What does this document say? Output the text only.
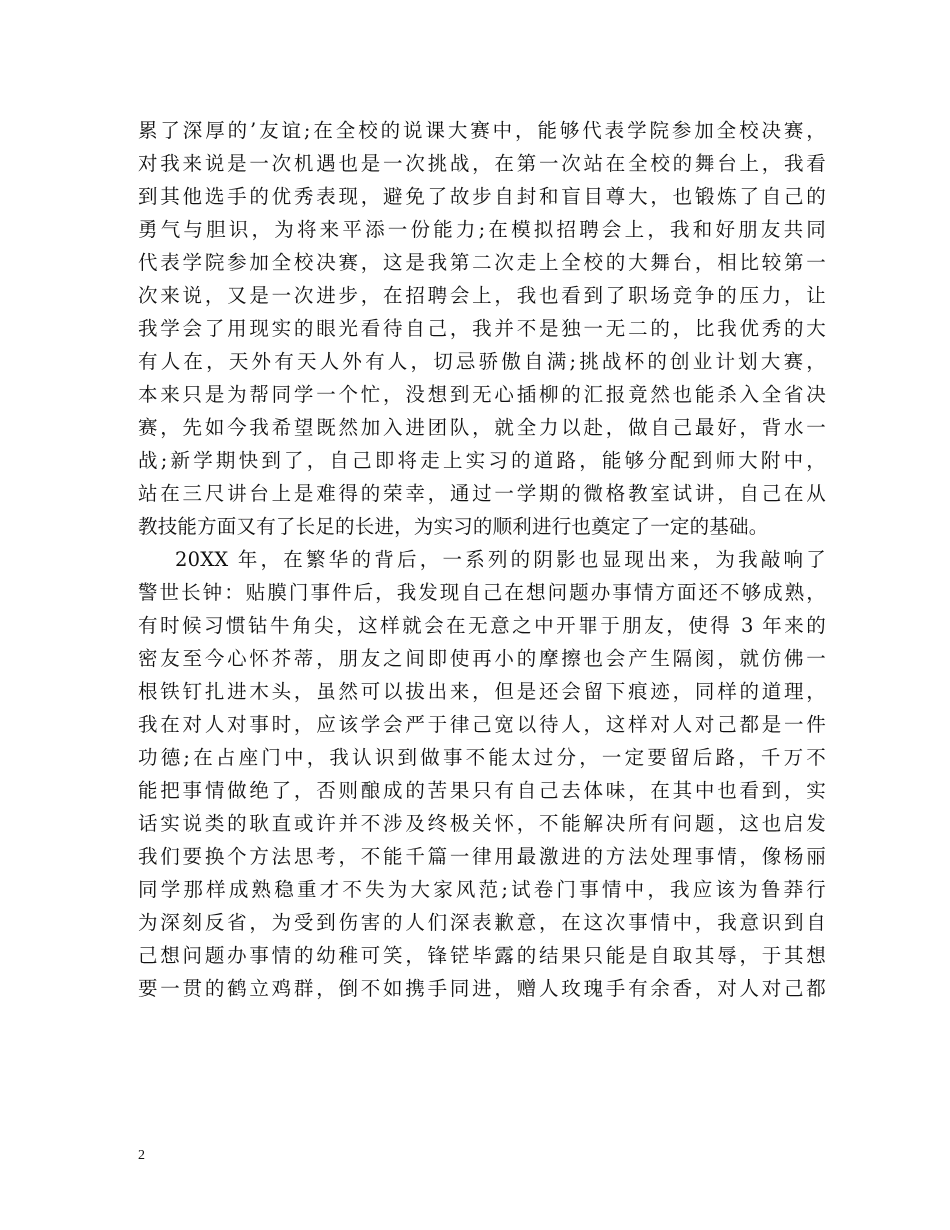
累了深厚的’友谊;在全校的说课大赛中，能够代表学院参加全校决赛，
对我来说是一次机遇也是一次挑战，在第一次站在全校的舞台上，我看
到其他选手的优秀表现，避免了故步自封和盲目尊大，也锻炼了自己的
勇气与胆识，为将来平添一份能力;在模拟招聘会上，我和好朋友共同
代表学院参加全校决赛，这是我第二次走上全校的大舞台，相比较第一
次来说，又是一次进步，在招聘会上，我也看到了职场竞争的压力，让
我学会了用现实的眼光看待自己，我并不是独一无二的，比我优秀的大
有人在，天外有天人外有人，切忌骄傲自满;挑战杯的创业计划大赛，
本来只是为帮同学一个忙，没想到无心插柳的汇报竟然也能杀入全省决
赛，先如今我希望既然加入进团队，就全力以赴，做自己最好，背水一
战;新学期快到了，自己即将走上实习的道路，能够分配到师大附中，
站在三尺讲台上是难得的荣幸，通过一学期的微格教室试讲，自己在从
教技能方面又有了长足的长进，为实习的顺利进行也奠定了一定的基础。

20XX 年，在繁华的背后，一系列的阴影也显现出来，为我敲响了
警世长钟：贴膜门事件后，我发现自己在想问题办事情方面还不够成熟，
有时候习惯钻牛角尖，这样就会在无意之中开罪于朋友，使得 3 年来的
密友至今心怀芥蒂，朋友之间即使再小的摩擦也会产生隔阂，就仿佛一
根铁钉扎进木头，虽然可以拔出来，但是还会留下痕迹，同样的道理，
我在对人对事时，应该学会严于律己宽以待人，这样对人对己都是一件
功德;在占座门中，我认识到做事不能太过分，一定要留后路，千万不
能把事情做绝了，否则酿成的苦果只有自己去体味，在其中也看到，实
话实说类的耿直或许并不涉及终极关怀，不能解决所有问题，这也启发
我们要换个方法思考，不能千篇一律用最激进的方法处理事情，像杨丽
同学那样成熟稳重才不失为大家风范;试卷门事情中，我应该为鲁莽行
为深刻反省，为受到伤害的人们深表歉意，在这次事情中，我意识到自
己想问题办事情的幼稚可笑，锋铓毕露的结果只能是自取其辱，于其想
要一贯的鹤立鸡群，倒不如携手同进，赠人玫瑰手有余香，对人对己都

2
